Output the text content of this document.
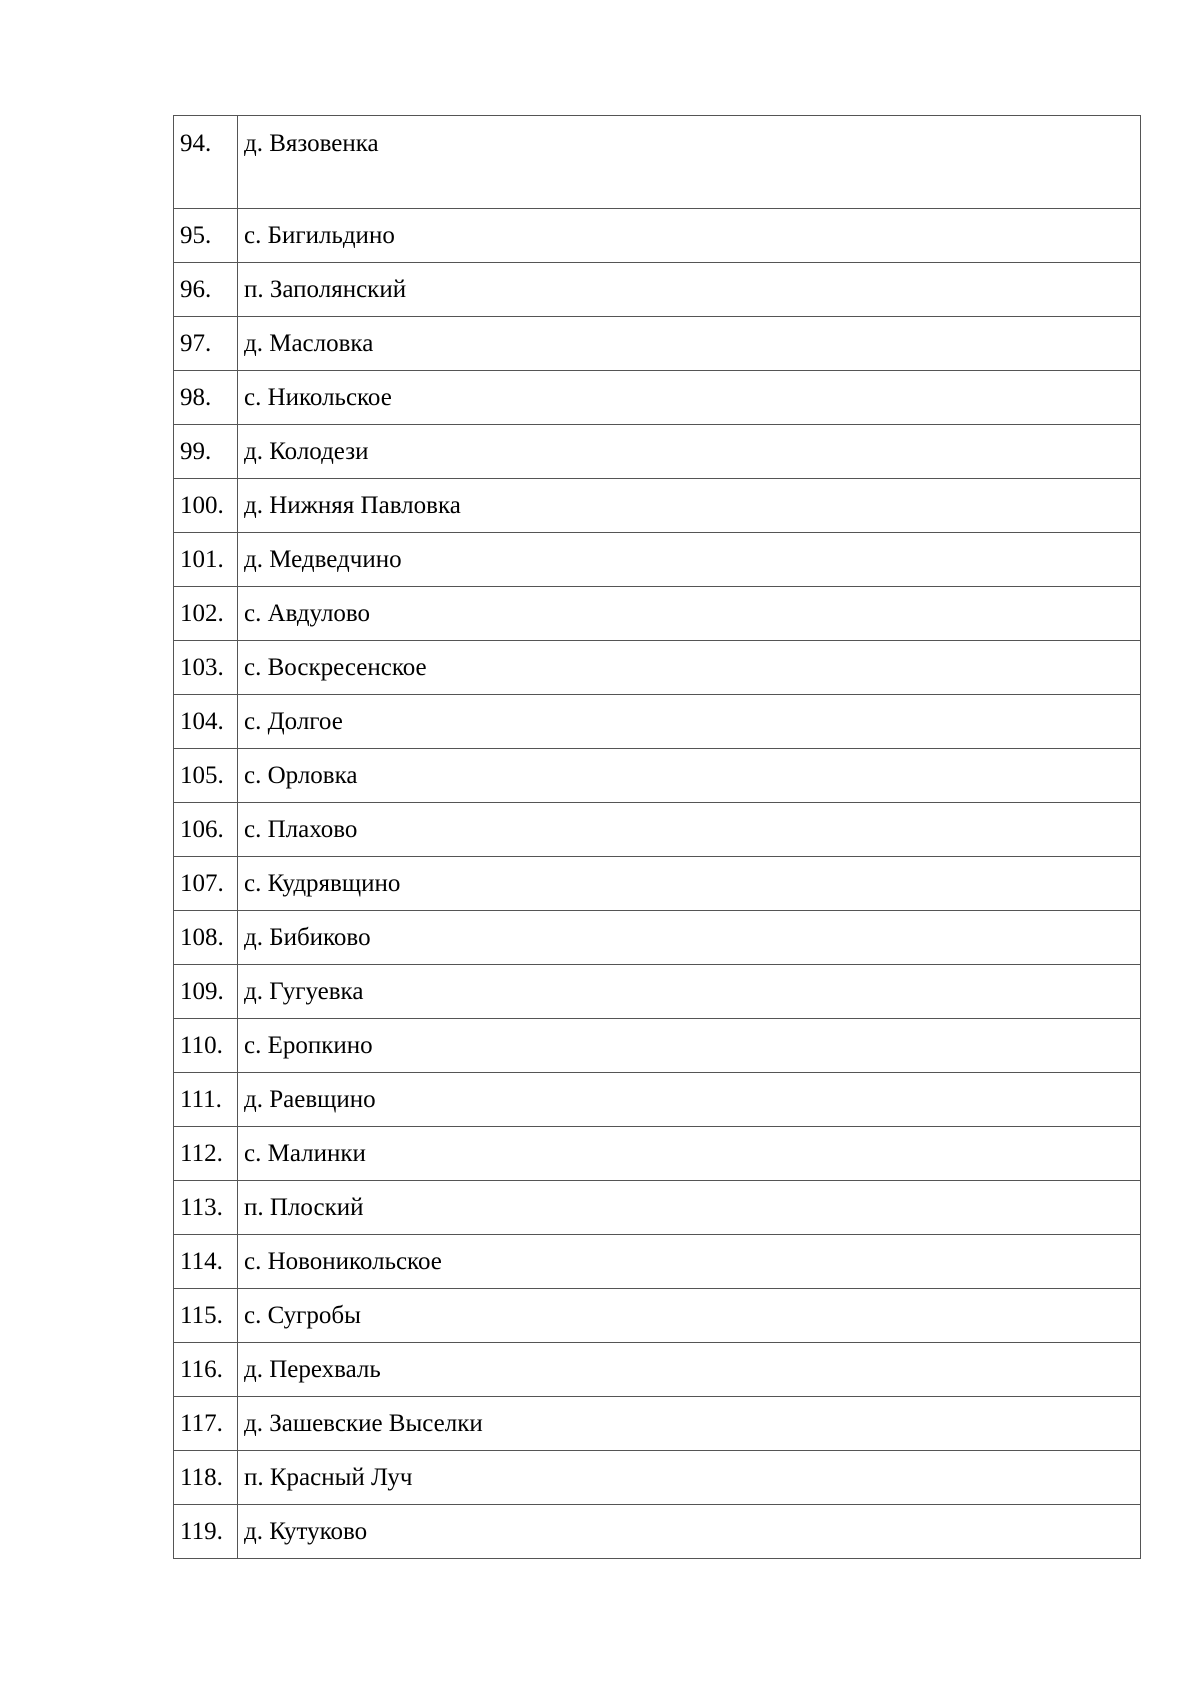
94.	д. Вязовенка
95.	с. Бигильдино
96.	п. Заполянский
97.	д. Масловка
98.	с. Никольское
99.	д. Колодези
100.	д. Нижняя Павловка
101.	д. Медведчино
102.	с. Авдулово
103.	с. Воскресенское
104.	с. Долгое
105.	с. Орловка
106.	с. Плахово
107.	с. Кудрявщино
108.	д. Бибиково
109.	д. Гугуевка
110.	с. Еропкино
111.	д. Раевщино
112.	с. Малинки
113.	п. Плоский
114.	с. Новоникольское
115.	с. Сугробы
116.	д. Перехваль
117.	д. Зашевские Выселки
118.	п. Красный Луч
119.	д. Кутуково
